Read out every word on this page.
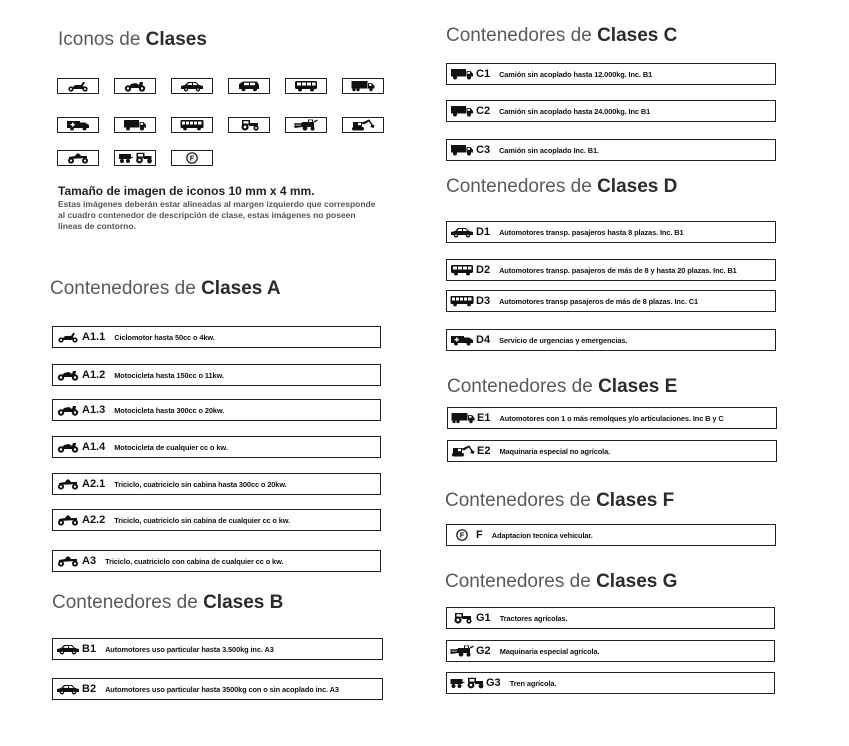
Iconos de Clases
Tamaño de imagen de iconos 10 mm x 4 mm.
Estas imágenes deberán estar alineadas al margen izquierdo que corresponde al cuadro contenedor de descripción de clase, estas imágenes no poseen líneas de contorno.
Contenedores de Clases A
A1.1 Ciclomotor hasta 50cc o 4kw.
A1.2 Motocicleta hasta 150cc o 11kw.
A1.3 Motocicleta hasta 300cc o 20kw.
A1.4 Motocicleta de cualquier cc o kw.
A2.1 Triciclo, cuatriciclo sin cabina hasta 300cc o 20kw.
A2.2 Triciclo, cuatriciclo sin cabina de cualquier cc o kw.
A3 Triciclo, cuatriciclo con cabina de cualquier cc o kw.
Contenedores de Clases B
B1 Automotores uso particular hasta 3.500kg inc. A3
B2 Automotores uso particular hasta 3500kg con o sin acoplado inc. A3
Contenedores de Clases C
C1 Camión sin acoplado hasta 12.000kg. Inc. B1
C2 Camión sin acoplado hasta 24.000kg. Inc B1
C3 Camión sin acoplado Inc. B1.
Contenedores de Clases D
D1 Automotores transp. pasajeros hasta 8 plazas. Inc. B1
D2 Automotores transp. pasajeros de más de 8 y hasta 20 plazas. Inc. B1
D3 Automotores transp pasajeros de más de 8 plazas. Inc. C1
D4 Servicio de urgencias y emergencias.
Contenedores de Clases E
E1 Automotores con 1 o más remolques y/o articulaciones. Inc B y C
E2 Maquinaria especial no agrícola.
Contenedores de Clases F
F Adaptacion tecnica vehicular.
Contenedores de Clases G
G1 Tractores agrícolas.
G2 Maquinaria especial agrícola.
G3 Tren agrícola.
